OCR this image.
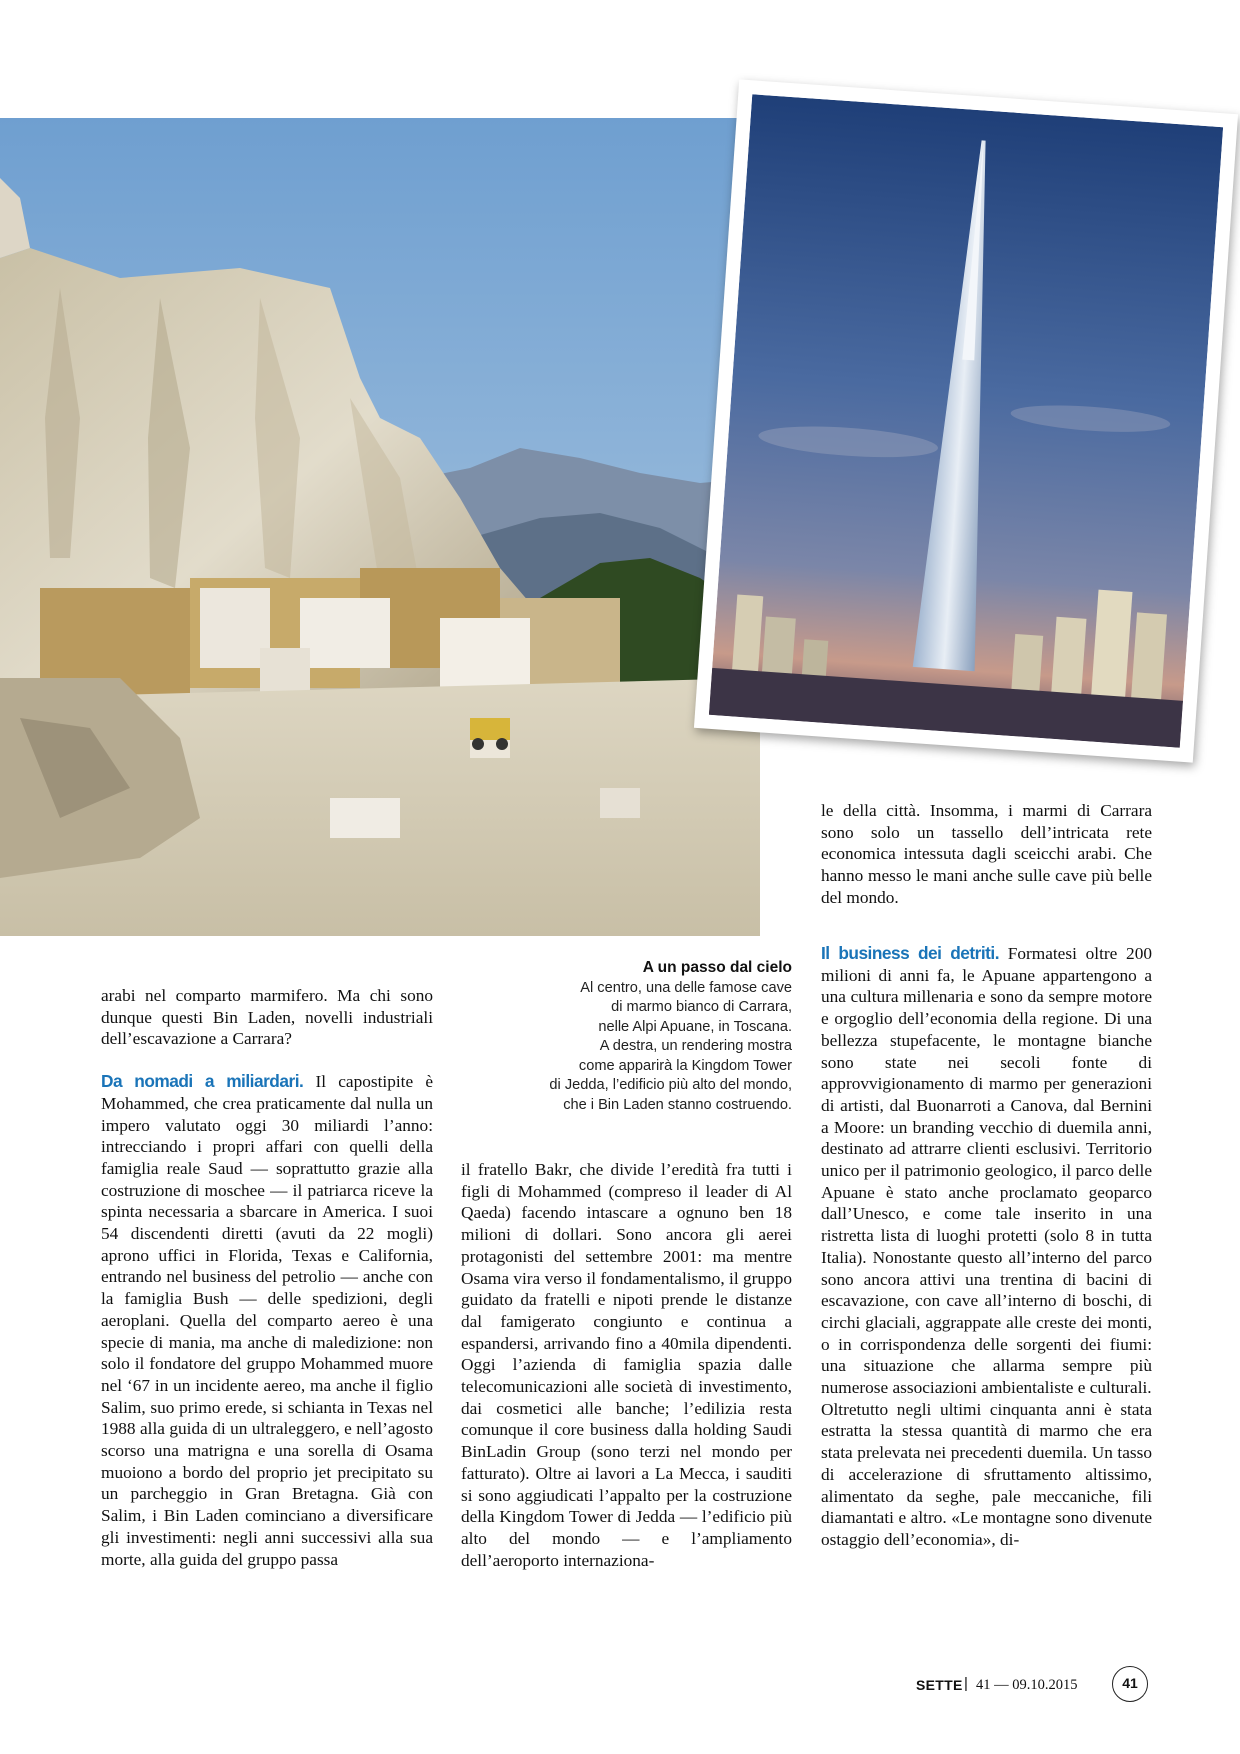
A un passo dal cielo
Al centro, una delle famose cave
di marmo bianco di Carrara,
nelle Alpi Apuane, in Toscana.
A destra, un rendering mostra
come apparirà la Kingdom Tower
di Jedda, l’edificio più alto del mondo,
che i Bin Laden stanno costruendo.

arabi nel comparto marmifero. Ma chi sono dunque questi Bin Laden, novelli industriali dell’escavazione a Carrara?

Da nomadi a miliardari. Il capostipite è Mohammed, che crea praticamente dal nulla un impero valutato oggi 30 miliardi l’anno: intrecciando i propri affari con quelli della famiglia reale Saud — soprattutto grazie alla costruzione di moschee — il patriarca riceve la spinta necessaria a sbarcare in America. I suoi 54 discendenti diretti (avuti da 22 mogli) aprono uffici in Florida, Texas e California, entrando nel business del petrolio — anche con la famiglia Bush — delle spedizioni, degli aeroplani. Quella del comparto aereo è una specie di mania, ma anche di maledizione: non solo il fondatore del gruppo Mohammed muore nel ‘67 in un incidente aereo, ma anche il figlio Salim, suo primo erede, si schianta in Texas nel 1988 alla guida di un ultraleggero, e nell’agosto scorso una matrigna e una sorella di Osama muoiono a bordo del proprio jet precipitato su un parcheggio in Gran Bretagna. Già con Salim, i Bin Laden cominciano a diversificare gli investimenti: negli anni successivi alla sua morte, alla guida del gruppo passa

il fratello Bakr, che divide l’eredità fra tutti i figli di Mohammed (compreso il leader di Al Qaeda) facendo intascare a ognuno ben 18 milioni di dollari. Sono ancora gli aerei protagonisti del settembre 2001: ma mentre Osama vira verso il fondamentalismo, il gruppo guidato da fratelli e nipoti prende le distanze dal famigerato congiunto e continua a espandersi, arrivando fino a 40mila dipendenti. Oggi l’azienda di famiglia spazia dalle telecomunicazioni alle società di investimento, dai cosmetici alle banche; l’edilizia resta comunque il core business dalla holding Saudi BinLadin Group (sono terzi nel mondo per fatturato). Oltre ai lavori a La Mecca, i sauditi si sono aggiudicati l’appalto per la costruzione della Kingdom Tower di Jedda — l’edificio più alto del mondo — e l’ampliamento dell’aeroporto internaziona-

le della città. Insomma, i marmi di Carrara sono solo un tassello dell’intricata rete economica intessuta dagli sceicchi arabi. Che hanno messo le mani anche sulle cave più belle del mondo.

Il business dei detriti. Formatesi oltre 200 milioni di anni fa, le Apuane appartengono a una cultura millenaria e sono da sempre motore e orgoglio dell’economia della regione. Di una bellezza stupefacente, le montagne bianche sono state nei secoli fonte di approvvigionamento di marmo per generazioni di artisti, dal Buonarroti a Canova, dal Bernini a Moore: un branding vecchio di duemila anni, destinato ad attrarre clienti esclusivi. Territorio unico per il patrimonio geologico, il parco delle Apuane è stato anche proclamato geoparco dall’Unesco, e come tale inserito in una ristretta lista di luoghi protetti (solo 8 in tutta Italia). Nonostante questo all’interno del parco sono ancora attivi una trentina di bacini di escavazione, con cave all’interno di boschi, di circhi glaciali, aggrappate alle creste dei monti, o in corrispondenza delle sorgenti dei fiumi: una situazione che allarma sempre più numerose associazioni ambientaliste e culturali.

Oltretutto negli ultimi cinquanta anni è stata estratta la stessa quantità di marmo che era stata prelevata nei precedenti duemila. Un tasso di accelerazione di sfruttamento altissimo, alimentato da seghe, pale meccaniche, fili diamantati e altro. «Le montagne sono divenute ostaggio dell’economia», di-

SETTE | 41 — 09.10.2015	41
